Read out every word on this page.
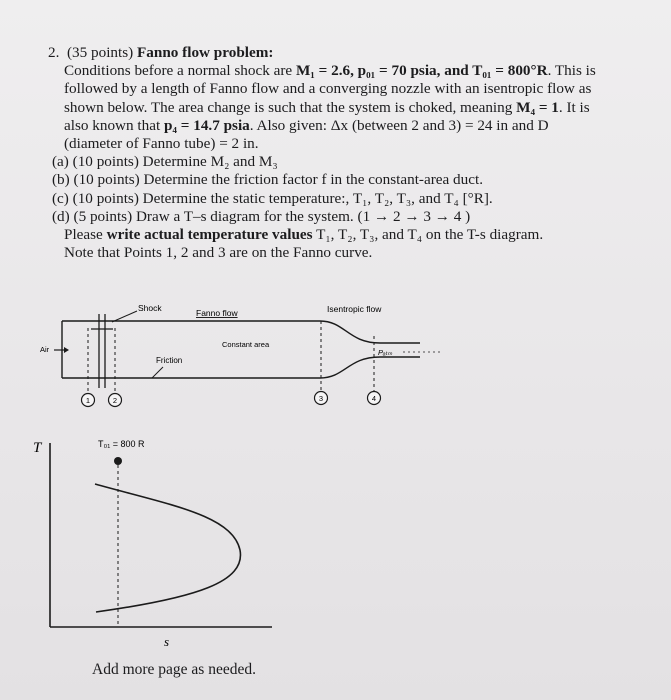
2. (35 points) Fanno flow problem:
Conditions before a normal shock are M₁ = 2.6, p₀₁ = 70 psia, and T₀₁ = 800°R. This is
followed by a length of Fanno flow and a converging nozzle with an isentropic flow as
shown below. The area change is such that the system is choked, meaning M₄ = 1. It is
also known that p₄ = 14.7 psia. Also given: Δx (between 2 and 3) = 24 in and D
(diameter of Fanno tube) = 2 in.
(a) (10 points) Determine M₂ and M₃
(b) (10 points) Determine the friction factor f in the constant-area duct.
(c) (10 points) Determine the static temperature:, T₁, T₂, T₃, and T₄ [°R].
(d) (5 points) Draw a T–s diagram for the system. (1 → 2 → 3 → 4 )
Please write actual temperature values T₁, T₂, T₃, and T₄ on the T-s diagram.
Note that Points 1, 2 and 3 are on the Fanno curve.
Shock	Fanno flow	Isentropic flow
Constant area
Air
Friction
Pₐₜₘ
1	2	3	4
T	T₀₁ = 800 R
s
Add more page as needed.
